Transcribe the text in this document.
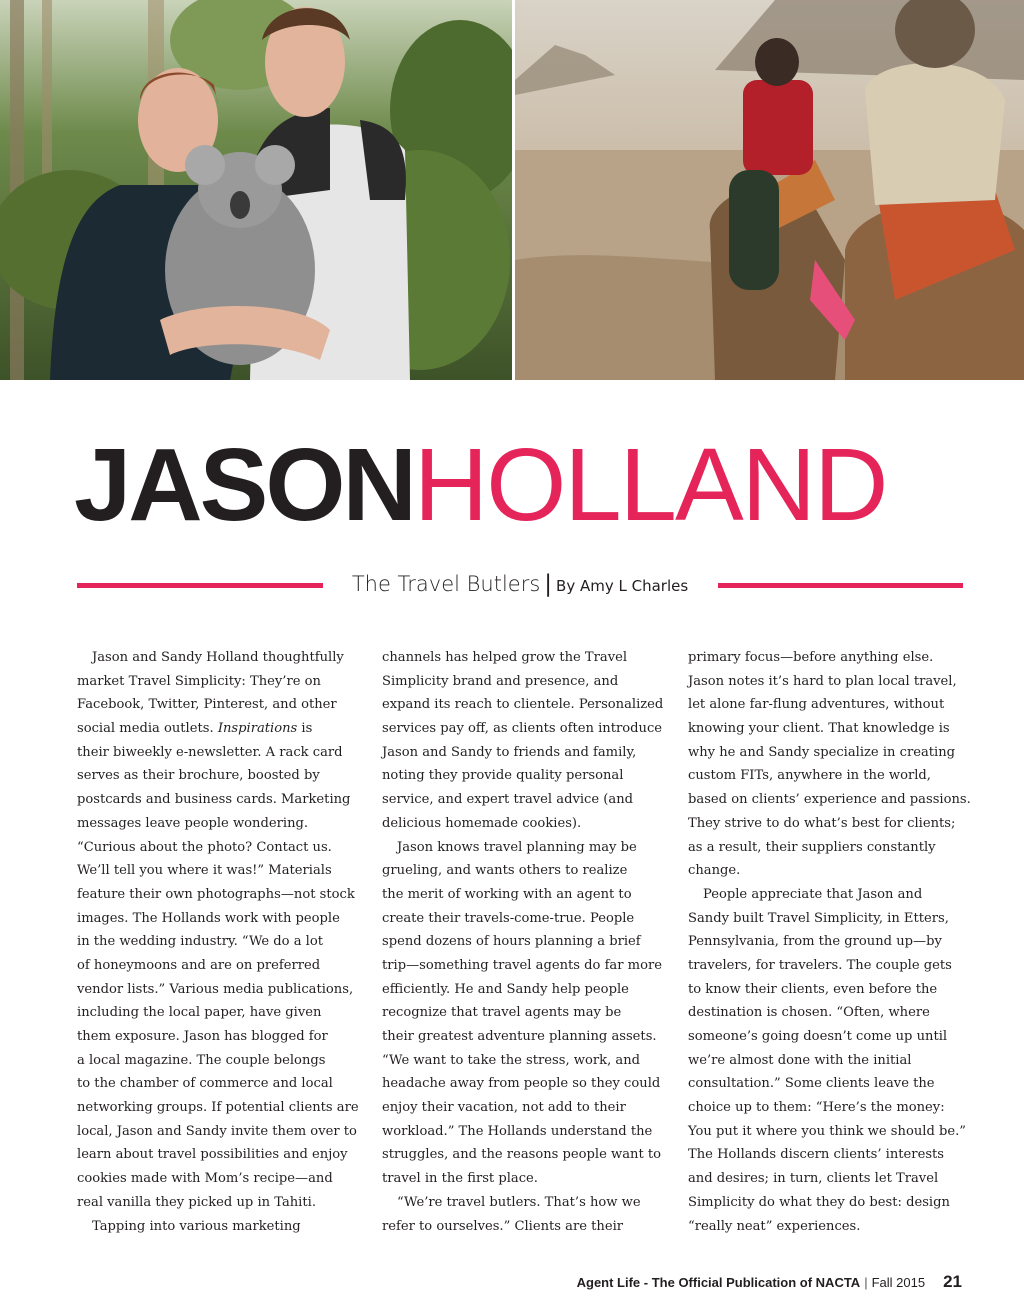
JASONHOLLAND
The Travel Butlers | By Amy L Charles
Jason and Sandy Holland thoughtfully
market Travel Simplicity: They’re on
Facebook, Twitter, Pinterest, and other
social media outlets. Inspirations is
their biweekly e-newsletter. A rack card
serves as their brochure, boosted by
postcards and business cards. Marketing
messages leave people wondering.
“Curious about the photo? Contact us.
We’ll tell you where it was!” Materials
feature their own photographs—not stock
images. The Hollands work with people
in the wedding industry. “We do a lot
of honeymoons and are on preferred
vendor lists.” Various media publications,
including the local paper, have given
them exposure. Jason has blogged for
a local magazine. The couple belongs
to the chamber of commerce and local
networking groups. If potential clients are
local, Jason and Sandy invite them over to
learn about travel possibilities and enjoy
cookies made with Mom’s recipe—and
real vanilla they picked up in Tahiti.
Tapping into various marketing
channels has helped grow the Travel
Simplicity brand and presence, and
expand its reach to clientele. Personalized
services pay off, as clients often introduce
Jason and Sandy to friends and family,
noting they provide quality personal
service, and expert travel advice (and
delicious homemade cookies).
Jason knows travel planning may be
grueling, and wants others to realize
the merit of working with an agent to
create their travels-come-true. People
spend dozens of hours planning a brief
trip—something travel agents do far more
efficiently. He and Sandy help people
recognize that travel agents may be
their greatest adventure planning assets.
“We want to take the stress, work, and
headache away from people so they could
enjoy their vacation, not add to their
workload.” The Hollands understand the
struggles, and the reasons people want to
travel in the first place.
“We’re travel butlers. That’s how we
refer to ourselves.” Clients are their
primary focus—before anything else.
Jason notes it’s hard to plan local travel,
let alone far-flung adventures, without
knowing your client. That knowledge is
why he and Sandy specialize in creating
custom FITs, anywhere in the world,
based on clients’ experience and passions.
They strive to do what’s best for clients;
as a result, their suppliers constantly
change.
People appreciate that Jason and
Sandy built Travel Simplicity, in Etters,
Pennsylvania, from the ground up—by
travelers, for travelers. The couple gets
to know their clients, even before the
destination is chosen. “Often, where
someone’s going doesn’t come up until
we’re almost done with the initial
consultation.” Some clients leave the
choice up to them: “Here’s the money:
You put it where you think we should be.”
The Hollands discern clients’ interests
and desires; in turn, clients let Travel
Simplicity do what they do best: design
“really neat” experiences.
Agent Life - The Official Publication of NACTA | Fall 2015 21
